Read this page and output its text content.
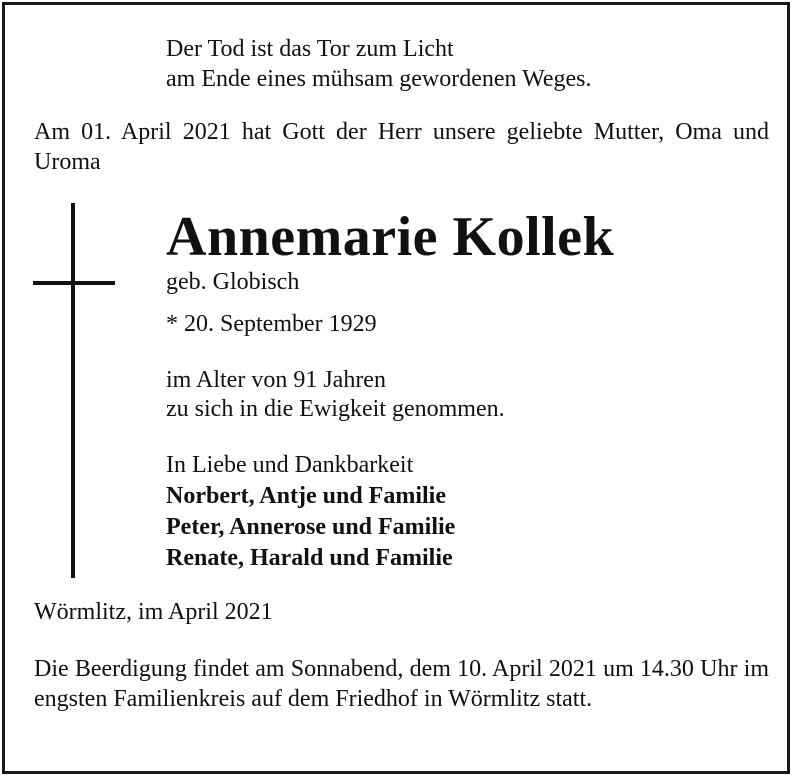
Der Tod ist das Tor zum Licht
am Ende eines mühsam gewordenen Weges.
Am 01. April 2021 hat Gott der Herr unsere geliebte Mutter, Oma und Uroma
Annemarie Kollek
geb. Globisch
* 20. September 1929
im Alter von 91 Jahren
zu sich in die Ewigkeit genommen.
In Liebe und Dankbarkeit
Norbert, Antje und Familie
Peter, Annerose und Familie
Renate, Harald und Familie
Wörmlitz, im April 2021
Die Beerdigung findet am Sonnabend, dem 10. April 2021 um 14.30 Uhr im engsten Familienkreis auf dem Friedhof in Wörmlitz statt.
